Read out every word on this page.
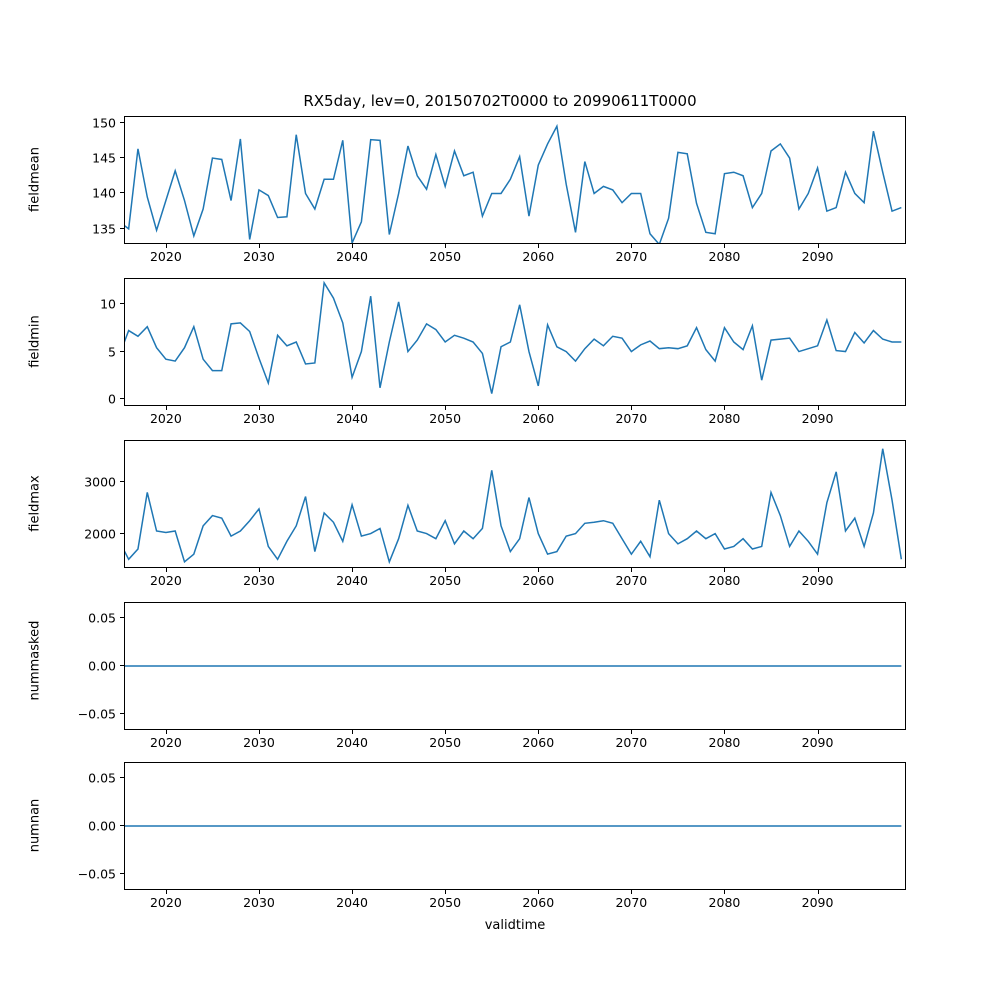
RX5day, lev=0, 20150702T0000 to 20990611T0000
fieldmean
135
140
145
150
2020	2030	2040	2050	2060	2070	2080	2090
fieldmin
0
5
10
2020	2030	2040	2050	2060	2070	2080	2090
fieldmax
2000
3000
2020	2030	2040	2050	2060	2070	2080	2090
nummasked
−0.05
0.00
0.05
2020	2030	2040	2050	2060	2070	2080	2090
numnan
−0.05
0.00
0.05
2020	2030	2040	2050	2060	2070	2080	2090
validtime
